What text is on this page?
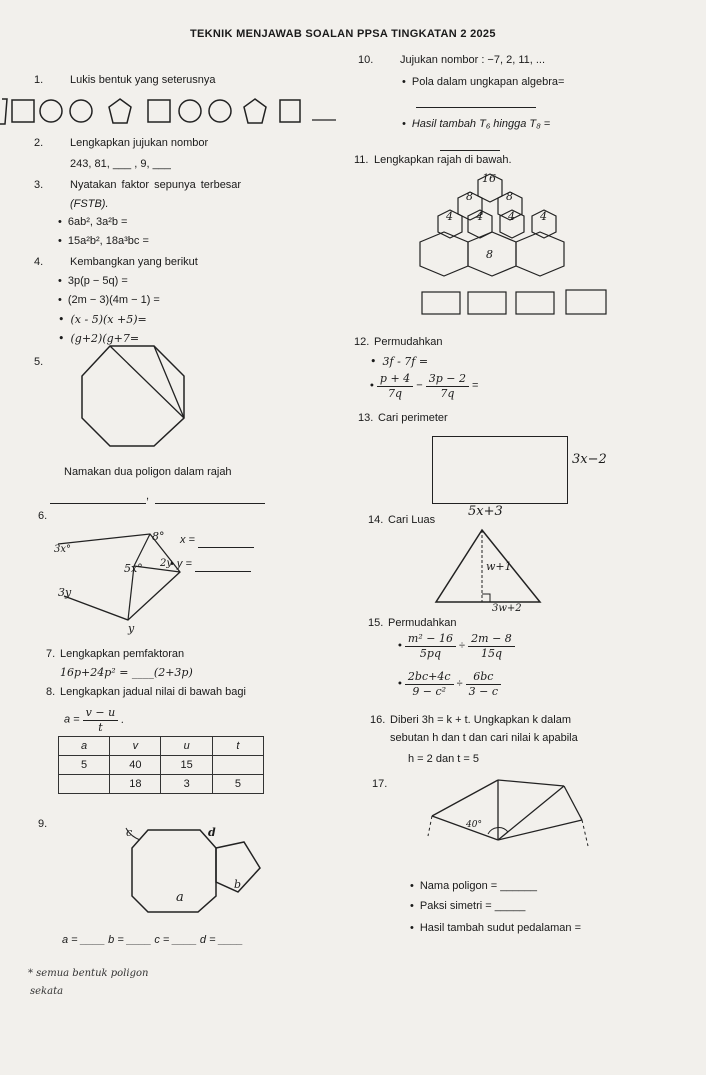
TEKNIK MENJAWAB SOALAN PPSA TINGKATAN 2 2025
1. Lukis bentuk yang seterusnya
2. Lengkapkan jujukan nombor
243, 81, ___ , 9, ___
3. Nyatakan faktor sepunya terbesar
(FSTB).
• 6ab², 3a²b =
• 15a²b², 18a³bc =
4. Kembangkan yang berikut
• 3p(p − 5q) =
• (2m − 3)(4m − 1) =
• (x - 5)(x +5)=
• (g+2)(g+7=
5.
Namakan dua poligon dalam rajah
,
6.
8°
3x°
5x° 2y
3y
y
x =
• y =
7. Lengkapkan pemfaktoran
16p+24p² = ____(2+3p)
8. Lengkapkan jadual nilai di bawah bagi
$a = \frac{v - u}{t}$ .
a	v	u	t
5	40	15	
	18	3	5
9.
c	d
b
a
a = ____ b = ____ c = ____ d = ____
* semua bentuk poligon
sekata
10. Jujukan nombor : −7, 2, 11, ...
• Pola dalam ungkapan algebra=
• Hasil tambah T₆ hingga T₈ =
11. Lengkapkan rajah di bawah.
16
8	8
4 4 4 4
8
12. Permudahkan
• 3f - 7f =
• $\frac{p + 4}{7q} - \frac{3p - 2}{7q}$ =
13. Cari perimeter
3x−2
5x+3
14. Cari Luas
w+1
3w+2
15. Permudahkan
• $\frac{\text{m² − 16}}{5pq} \div \frac{2m - 8}{15q}$
• $\frac{2bc+4c}{\text{9 − c²}} \div \frac{6bc}{3 - c}$
16. Diberi 3h = k + t. Ungkapkan k dalam
sebutan h dan t dan cari nilai k apabila
h = 2 dan t = 5
17.
40°
• Nama poligon = ______
• Paksi simetri = _____
• Hasil tambah sudut pedalaman =
